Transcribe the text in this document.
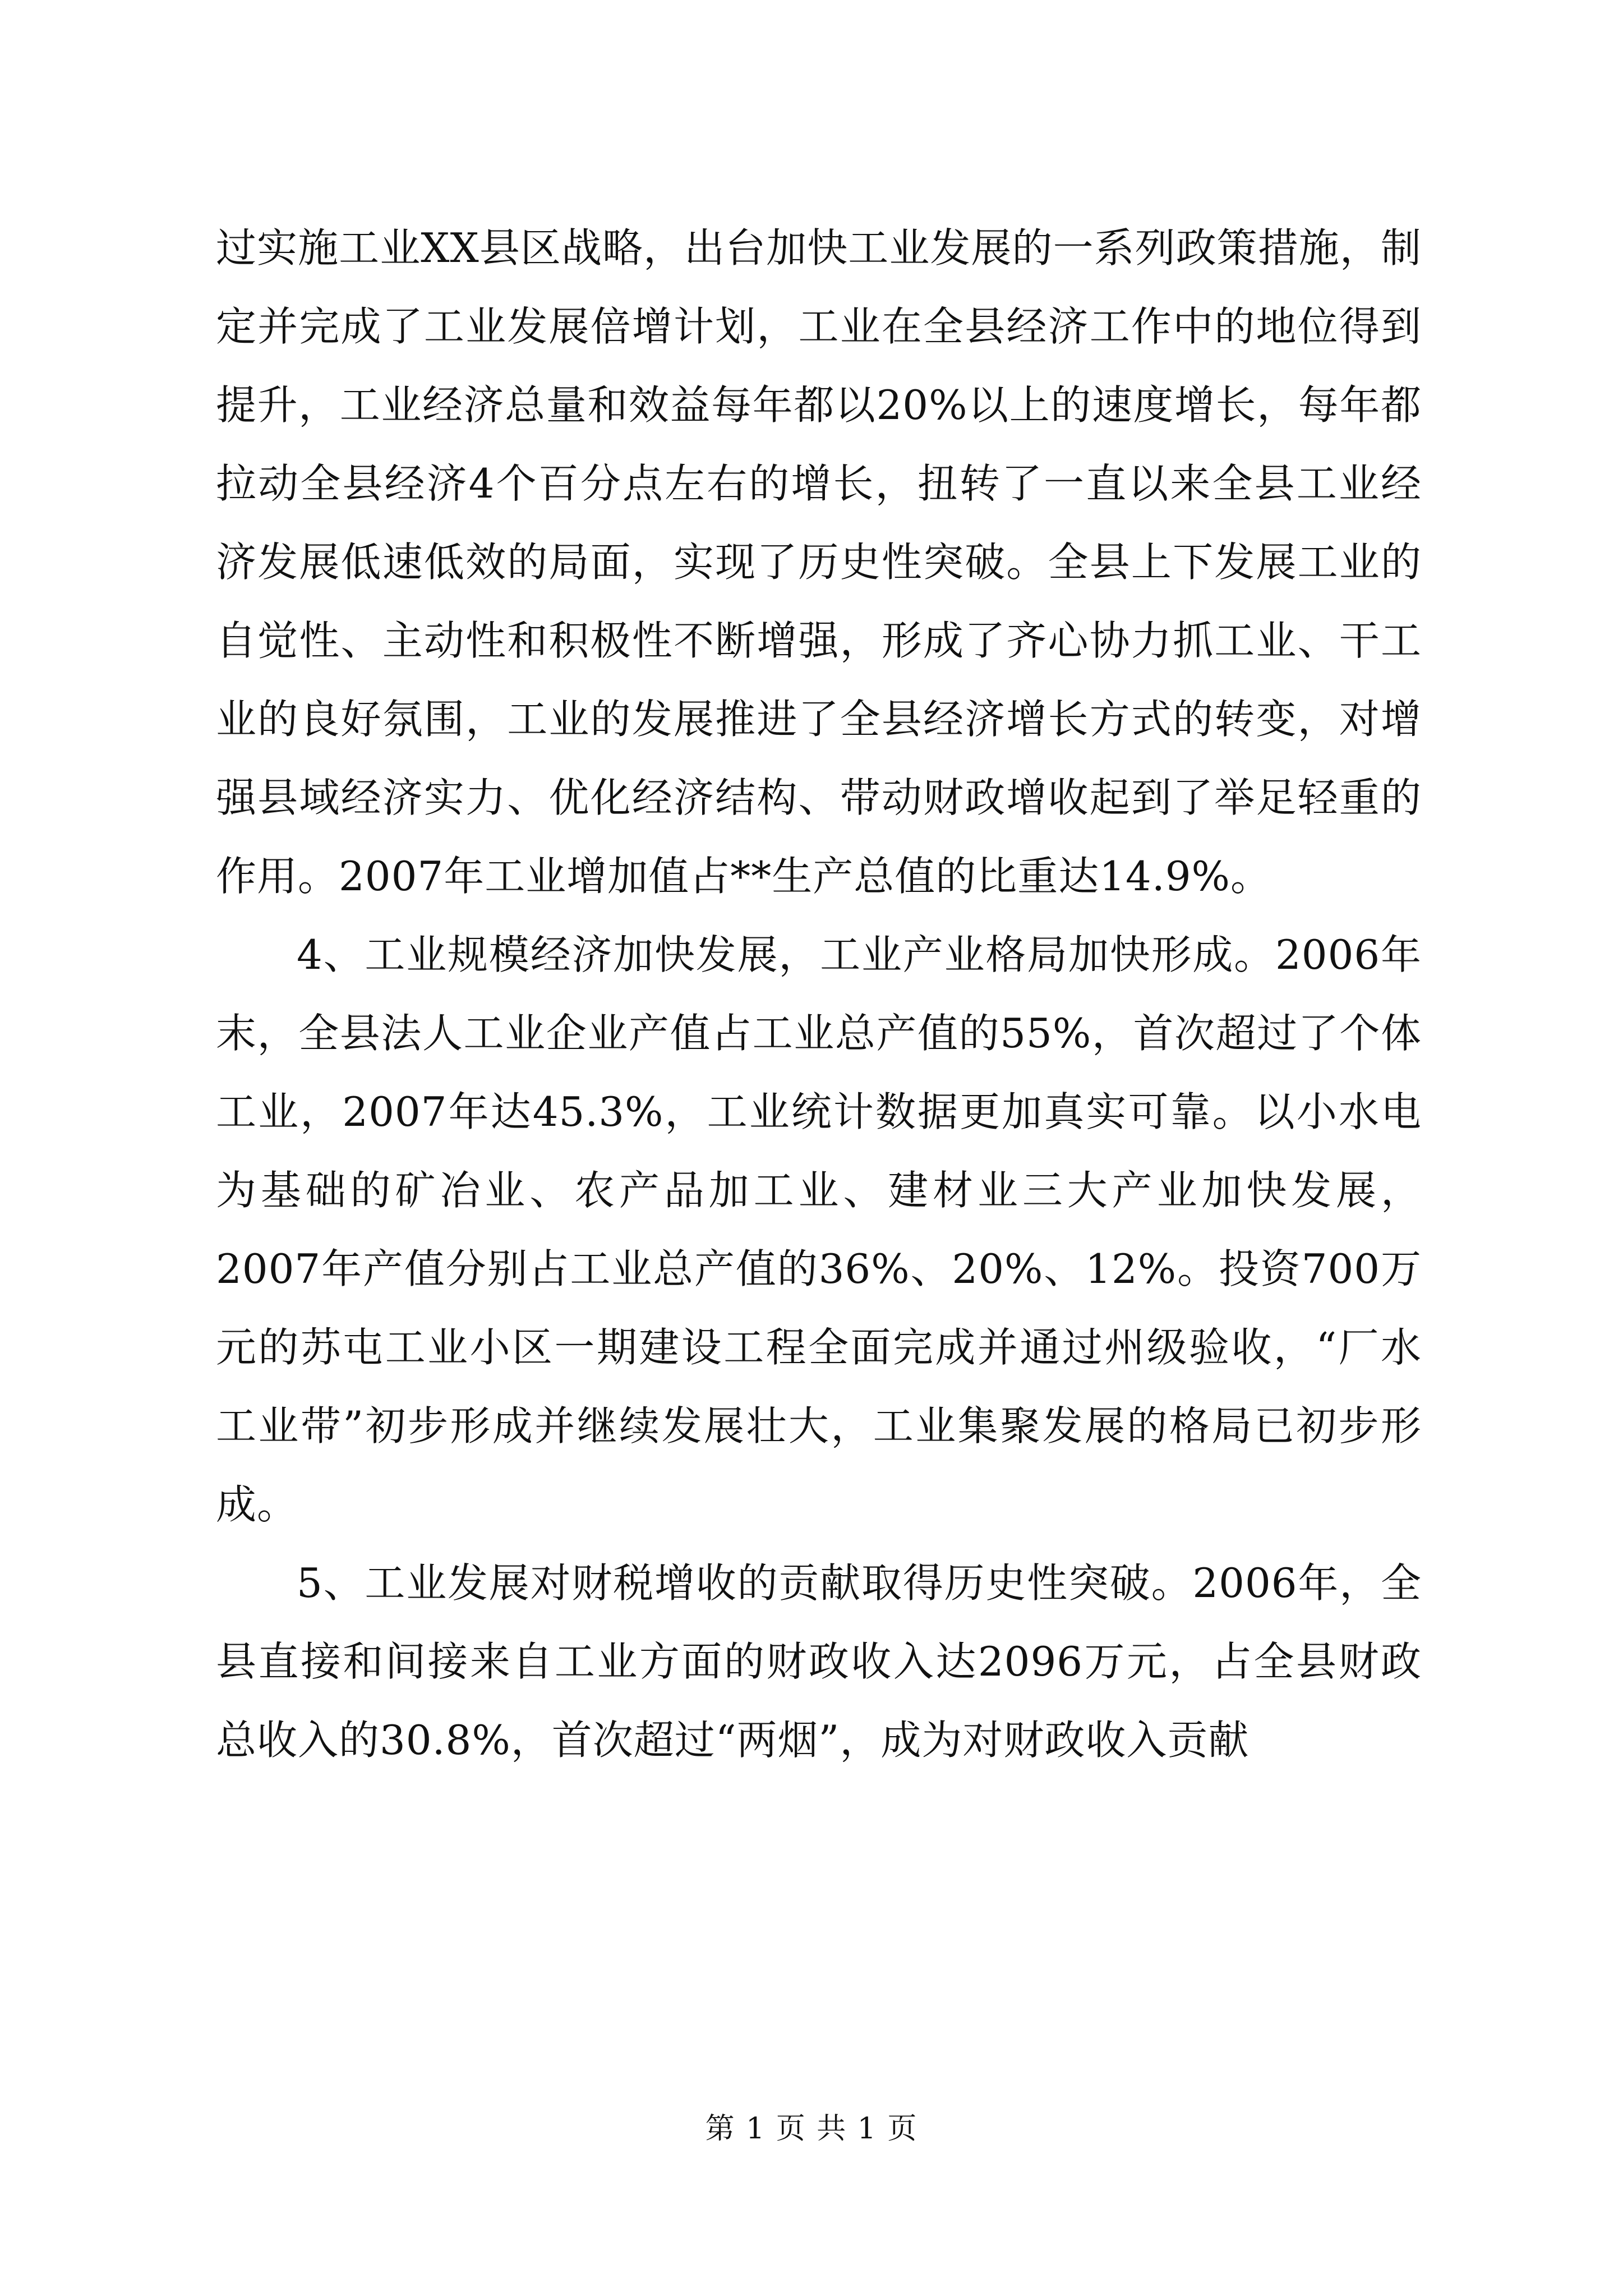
过实施工业XX县区战略，出台加快工业发展的一系列政策措施，制定并完成了工业发展倍增计划，工业在全县经济工作中的地位得到提升，工业经济总量和效益每年都以20%以上的速度增长，每年都拉动全县经济4个百分点左右的增长，扭转了一直以来全县工业经济发展低速低效的局面，实现了历史性突破。全县上下发展工业的自觉性、主动性和积极性不断增强，形成了齐心协力抓工业、干工业的良好氛围，工业的发展推进了全县经济增长方式的转变，对增强县域经济实力、优化经济结构、带动财政增收起到了举足轻重的作用。2007年工业增加值占**生产总值的比重达14.9%。

4、工业规模经济加快发展，工业产业格局加快形成。2006年末，全县法人工业企业产值占工业总产值的55%，首次超过了个体工业，2007年达45.3%，工业统计数据更加真实可靠。以小水电为基础的矿冶业、农产品加工业、建材业三大产业加快发展，2007年产值分别占工业总产值的36%、20%、12%。投资700万元的苏屯工业小区一期建设工程全面完成并通过州级验收，“厂水工业带”初步形成并继续发展壮大，工业集聚发展的格局已初步形成。

5、工业发展对财税增收的贡献取得历史性突破。2006年，全县直接和间接来自工业方面的财政收入达2096万元，占全县财政总收入的30.8%，首次超过“两烟”，成为对财政收入贡献

第 1 页 共 1 页
